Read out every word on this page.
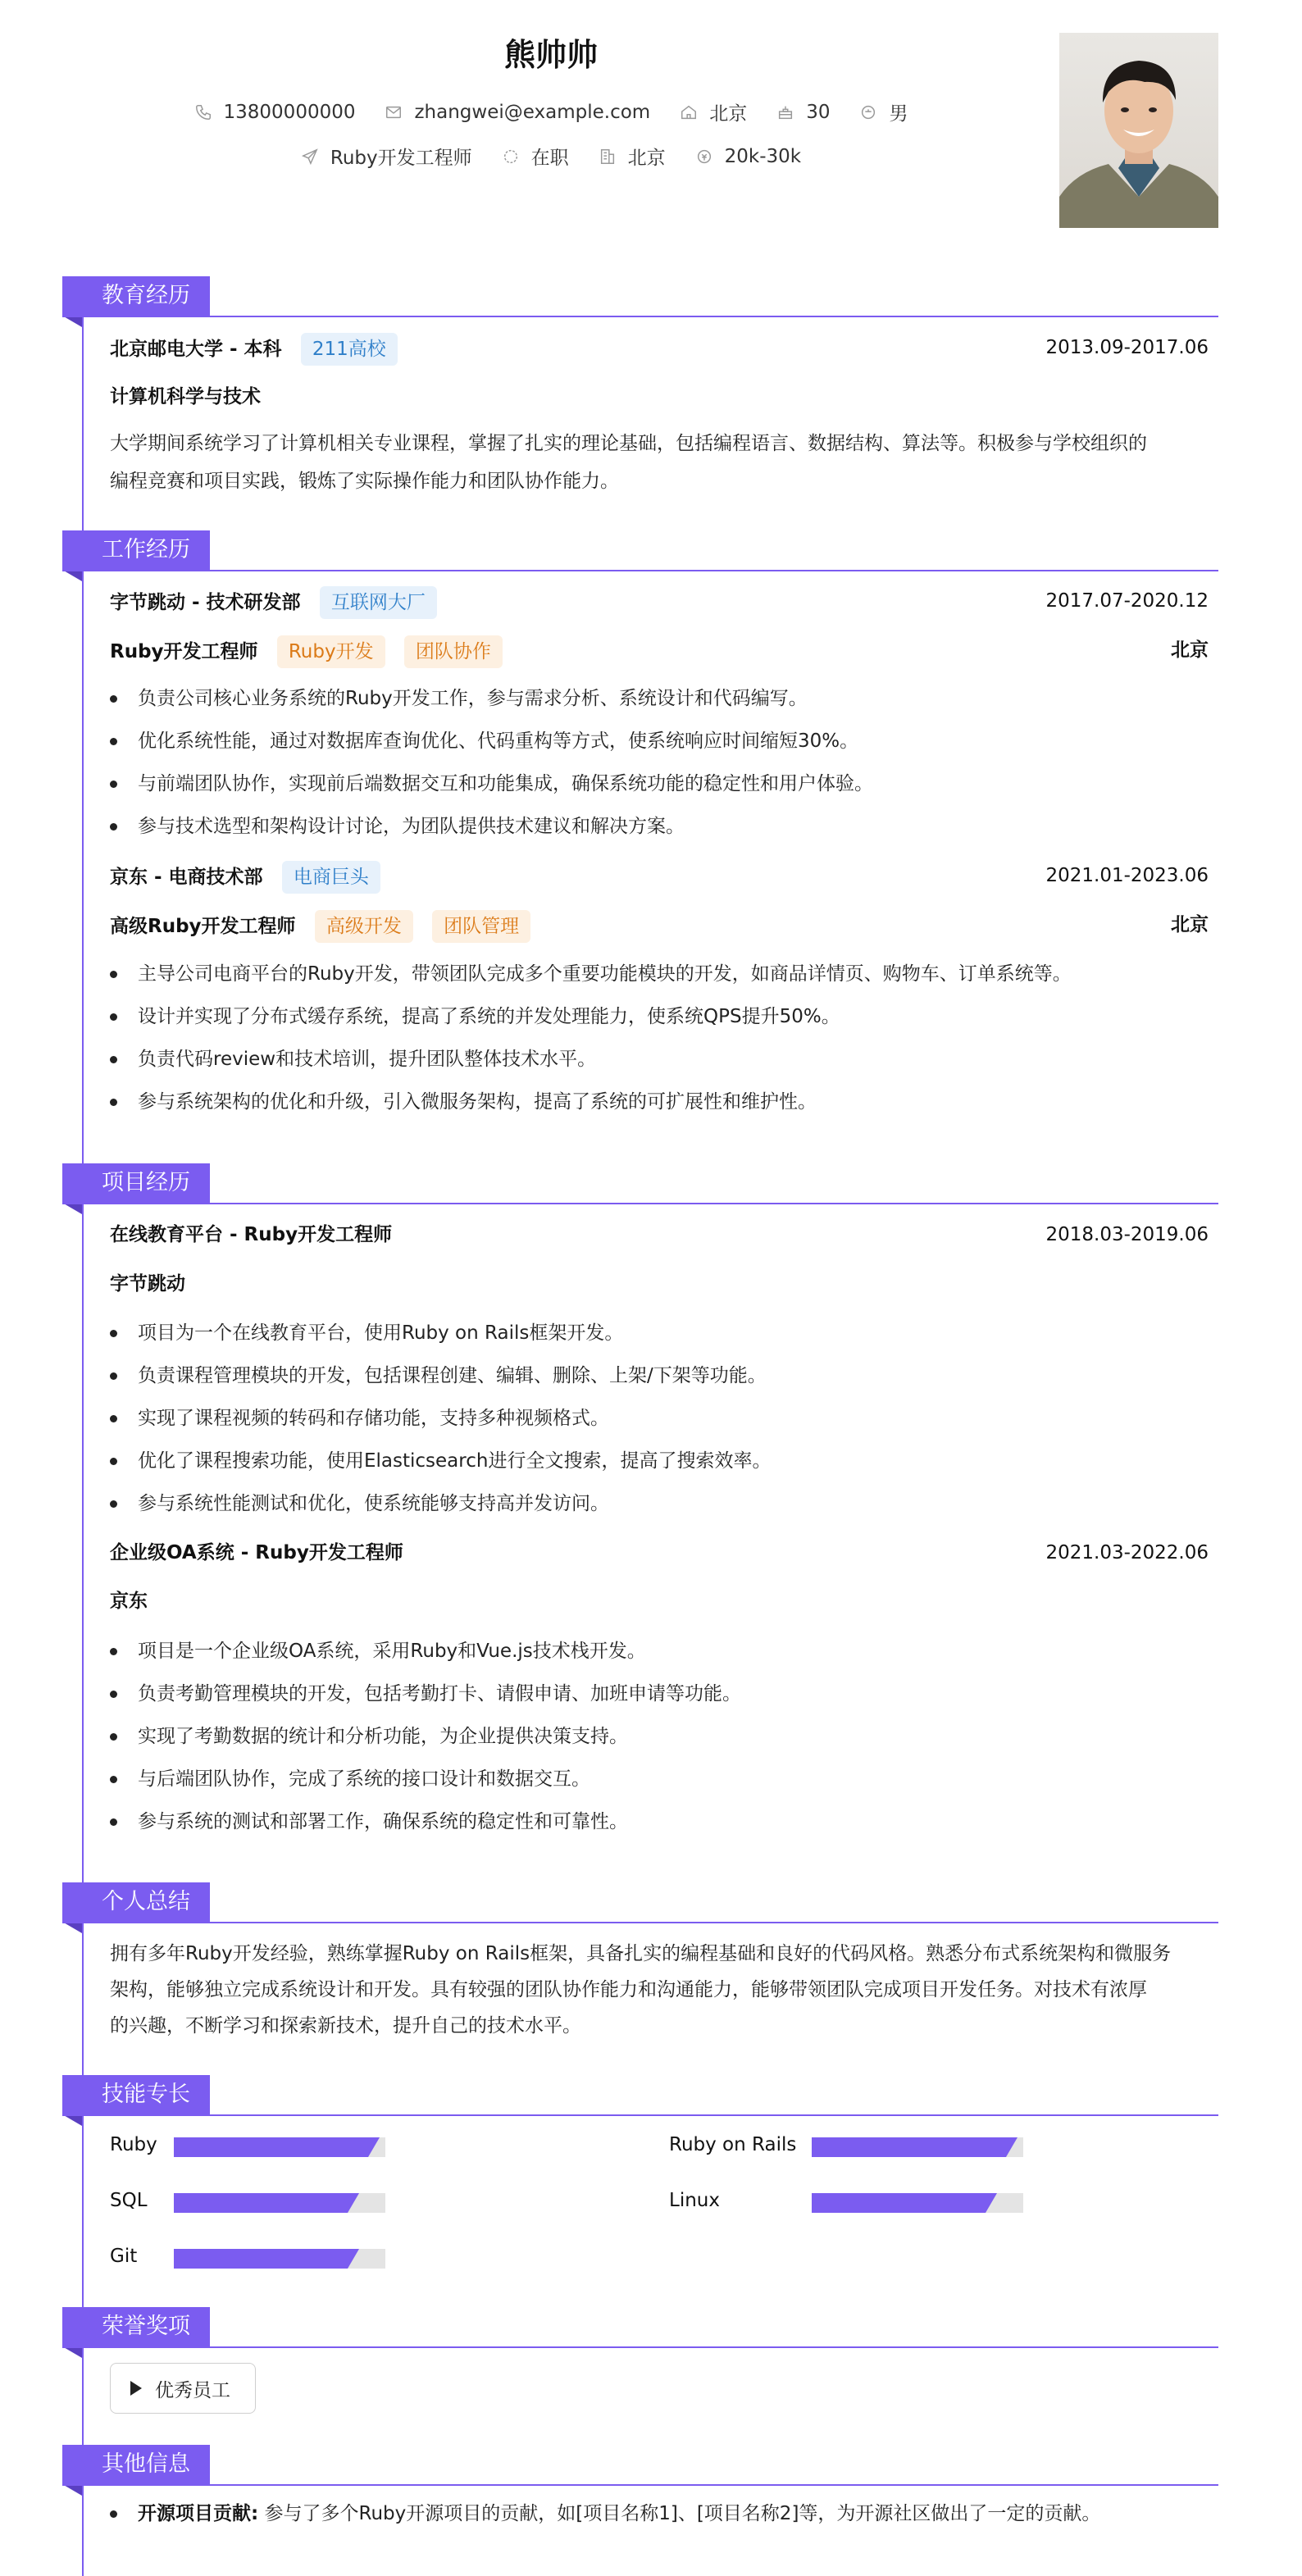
熊帅帅
13800000000	zhangwei@example.com	北京	30	男
Ruby开发工程师	在职	北京	20k-30k
教育经历
北京邮电大学 - 本科 211高校	2013.09-2017.06
计算机科学与技术
大学期间系统学习了计算机相关专业课程，掌握了扎实的理论基础，包括编程语言、数据结构、算法等。积极参与学校组织的
编程竞赛和项目实践，锻炼了实际操作能力和团队协作能力。
工作经历
字节跳动 - 技术研发部 互联网大厂	2017.07-2020.12
Ruby开发工程师 Ruby开发 团队协作	北京
负责公司核心业务系统的Ruby开发工作，参与需求分析、系统设计和代码编写。
优化系统性能，通过对数据库查询优化、代码重构等方式，使系统响应时间缩短30%。
与前端团队协作，实现前后端数据交互和功能集成，确保系统功能的稳定性和用户体验。
参与技术选型和架构设计讨论，为团队提供技术建议和解决方案。
京东 - 电商技术部 电商巨头	2021.01-2023.06
高级Ruby开发工程师 高级开发 团队管理	北京
主导公司电商平台的Ruby开发，带领团队完成多个重要功能模块的开发，如商品详情页、购物车、订单系统等。
设计并实现了分布式缓存系统，提高了系统的并发处理能力，使系统QPS提升50%。
负责代码review和技术培训，提升团队整体技术水平。
参与系统架构的优化和升级，引入微服务架构，提高了系统的可扩展性和维护性。
项目经历
在线教育平台 - Ruby开发工程师	2018.03-2019.06
字节跳动
项目为一个在线教育平台，使用Ruby on Rails框架开发。
负责课程管理模块的开发，包括课程创建、编辑、删除、上架/下架等功能。
实现了课程视频的转码和存储功能，支持多种视频格式。
优化了课程搜索功能，使用Elasticsearch进行全文搜索，提高了搜索效率。
参与系统性能测试和优化，使系统能够支持高并发访问。
企业级OA系统 - Ruby开发工程师	2021.03-2022.06
京东
项目是一个企业级OA系统，采用Ruby和Vue.js技术栈开发。
负责考勤管理模块的开发，包括考勤打卡、请假申请、加班申请等功能。
实现了考勤数据的统计和分析功能，为企业提供决策支持。
与后端团队协作，完成了系统的接口设计和数据交互。
参与系统的测试和部署工作，确保系统的稳定性和可靠性。
个人总结
拥有多年Ruby开发经验，熟练掌握Ruby on Rails框架，具备扎实的编程基础和良好的代码风格。熟悉分布式系统架构和微服务
架构，能够独立完成系统设计和开发。具有较强的团队协作能力和沟通能力，能够带领团队完成项目开发任务。对技术有浓厚
的兴趣，不断学习和探索新技术，提升自己的技术水平。
技能专长
Ruby	Ruby on Rails
SQL	Linux
Git
荣誉奖项
优秀员工
其他信息
开源项目贡献: 参与了多个Ruby开源项目的贡献，如[项目名称1]、[项目名称2]等，为开源社区做出了一定的贡献。
